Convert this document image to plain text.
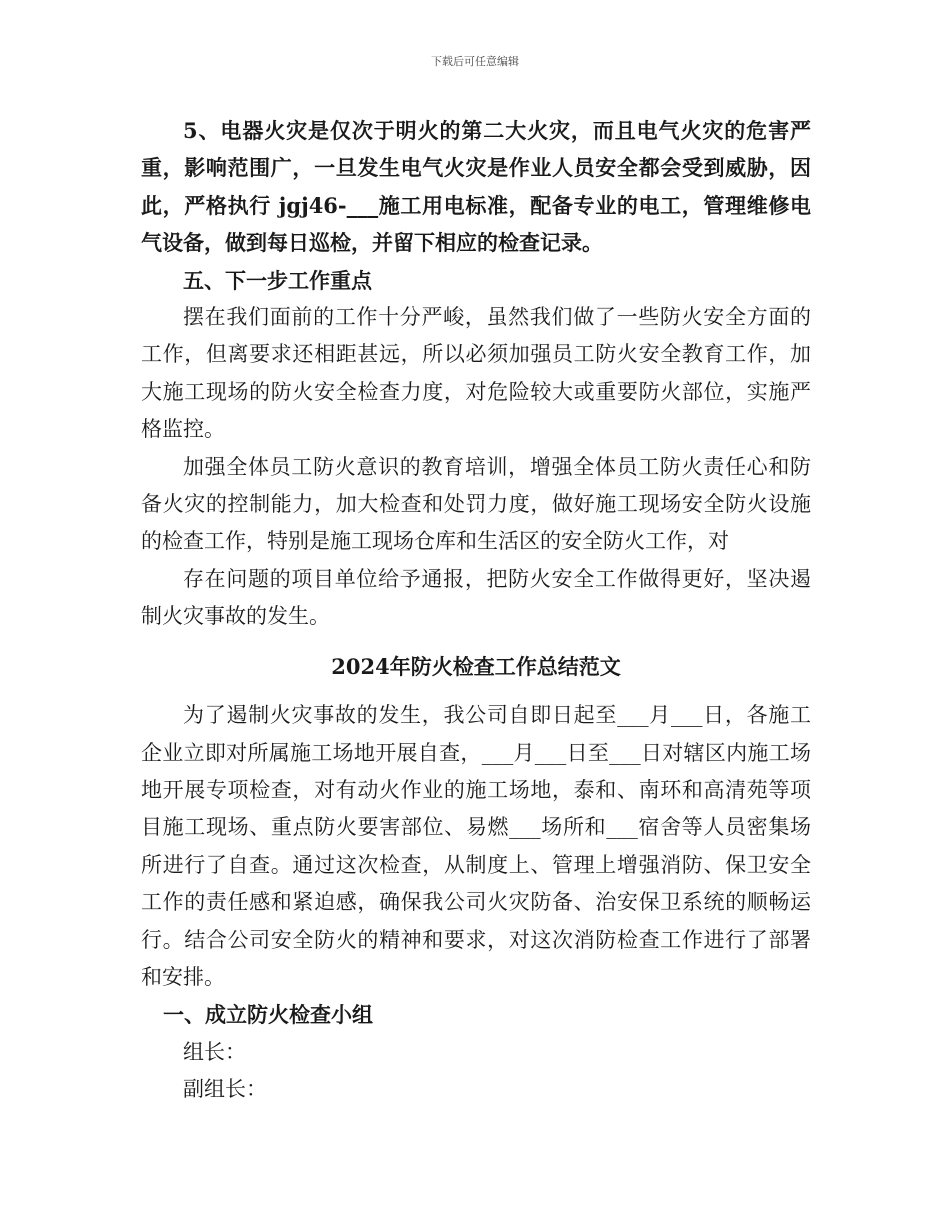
下载后可任意编辑

5、电器火灾是仅次于明火的第二大火灾，而且电气火灾的危害严重，影响范围广，一旦发生电气火灾是作业人员安全都会受到威胁，因此，严格执行 jgj46-___施工用电标准，配备专业的电工，管理维修电气设备，做到每日巡检，并留下相应的检查记录。

五、下一步工作重点

摆在我们面前的工作十分严峻，虽然我们做了一些防火安全方面的工作，但离要求还相距甚远，所以必须加强员工防火安全教育工作，加大施工现场的防火安全检查力度，对危险较大或重要防火部位，实施严格监控。

加强全体员工防火意识的教育培训，增强全体员工防火责任心和防备火灾的控制能力，加大检查和处罚力度，做好施工现场安全防火设施的检查工作，特别是施工现场仓库和生活区的安全防火工作，对

存在问题的项目单位给予通报，把防火安全工作做得更好，坚决遏制火灾事故的发生。

2024年防火检查工作总结范文

为了遏制火灾事故的发生，我公司自即日起至___月___日，各施工企业立即对所属施工场地开展自查，___月___日至___日对辖区内施工场地开展专项检查，对有动火作业的施工场地，泰和、南环和高清苑等项目施工现场、重点防火要害部位、易燃___场所和___宿舍等人员密集场所进行了自查。通过这次检查，从制度上、管理上增强消防、保卫安全工作的责任感和紧迫感，确保我公司火灾防备、治安保卫系统的顺畅运行。结合公司安全防火的精神和要求，对这次消防检查工作进行了部署和安排。

一、成立防火检查小组

组长：

副组长：
